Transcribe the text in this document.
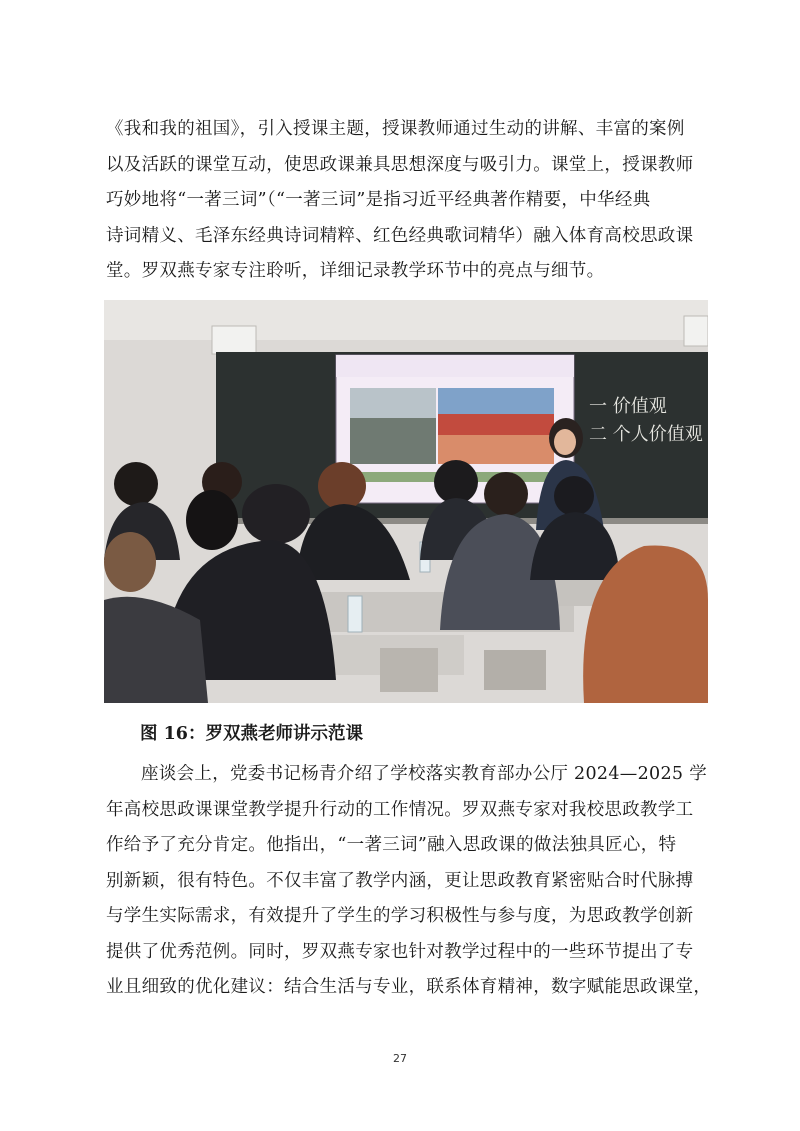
《我和我的祖国》，引入授课主题，授课教师通过生动的讲解、丰富的案例
以及活跃的课堂互动，使思政课兼具思想深度与吸引力。课堂上，授课教师
巧妙地将“一著三词”（“一著三词”是指习近平经典著作精要，中华经典
诗词精义、毛泽东经典诗词精粹、红色经典歌词精华）融入体育高校思政课
堂。罗双燕专家专注聆听，详细记录教学环节中的亮点与细节。

一 价值观
二 个人价值观

图 16：罗双燕老师讲示范课

座谈会上，党委书记杨青介绍了学校落实教育部办公厅 2024—2025 学
年高校思政课课堂教学提升行动的工作情况。罗双燕专家对我校思政教学工
作给予了充分肯定。他指出，“一著三词”融入思政课的做法独具匠心，特
别新颖，很有特色。不仅丰富了教学内涵，更让思政教育紧密贴合时代脉搏
与学生实际需求，有效提升了学生的学习积极性与参与度，为思政教学创新
提供了优秀范例。同时，罗双燕专家也针对教学过程中的一些环节提出了专
业且细致的优化建议：结合生活与专业，联系体育精神，数字赋能思政课堂，

27
